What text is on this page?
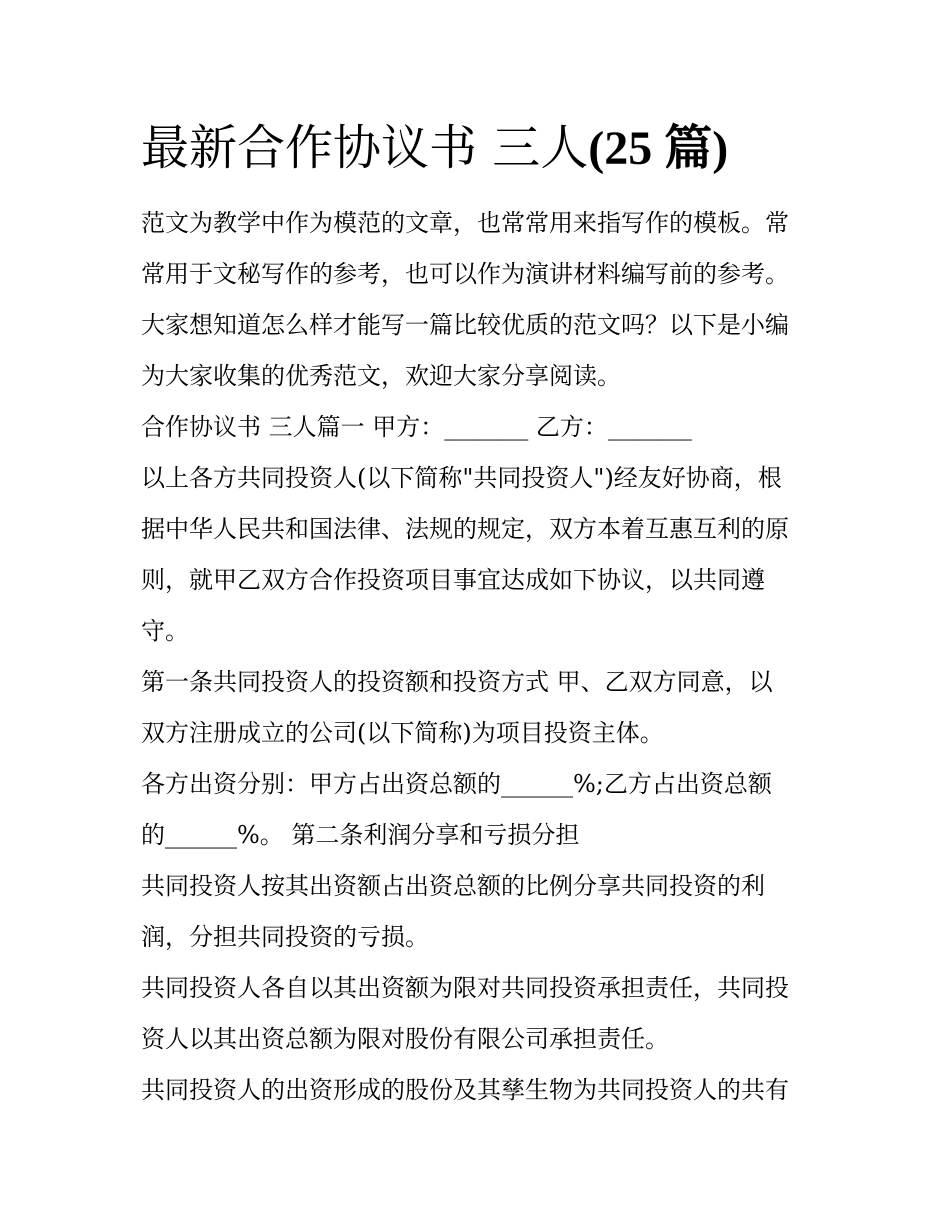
最新合作协议书 三人(25 篇)

范文为教学中作为模范的文章，也常常用来指写作的模板。常

常用于文秘写作的参考，也可以作为演讲材料编写前的参考。

大家想知道怎么样才能写一篇比较优质的范文吗？以下是小编

为大家收集的优秀范文，欢迎大家分享阅读。

合作协议书 三人篇一 甲方：_______ 乙方：_______

以上各方共同投资人(以下简称"共同投资人")经友好协商，根

据中华人民共和国法律、法规的规定，双方本着互惠互利的原

则，就甲乙双方合作投资项目事宜达成如下协议，以共同遵

守。

第一条共同投资人的投资额和投资方式 甲、乙双方同意，以

双方注册成立的公司(以下简称)为项目投资主体。

各方出资分别：甲方占出资总额的______%;乙方占出资总额

的______%。 第二条利润分享和亏损分担

共同投资人按其出资额占出资总额的比例分享共同投资的利

润，分担共同投资的亏损。

共同投资人各自以其出资额为限对共同投资承担责任，共同投

资人以其出资总额为限对股份有限公司承担责任。

共同投资人的出资形成的股份及其孳生物为共同投资人的共有
